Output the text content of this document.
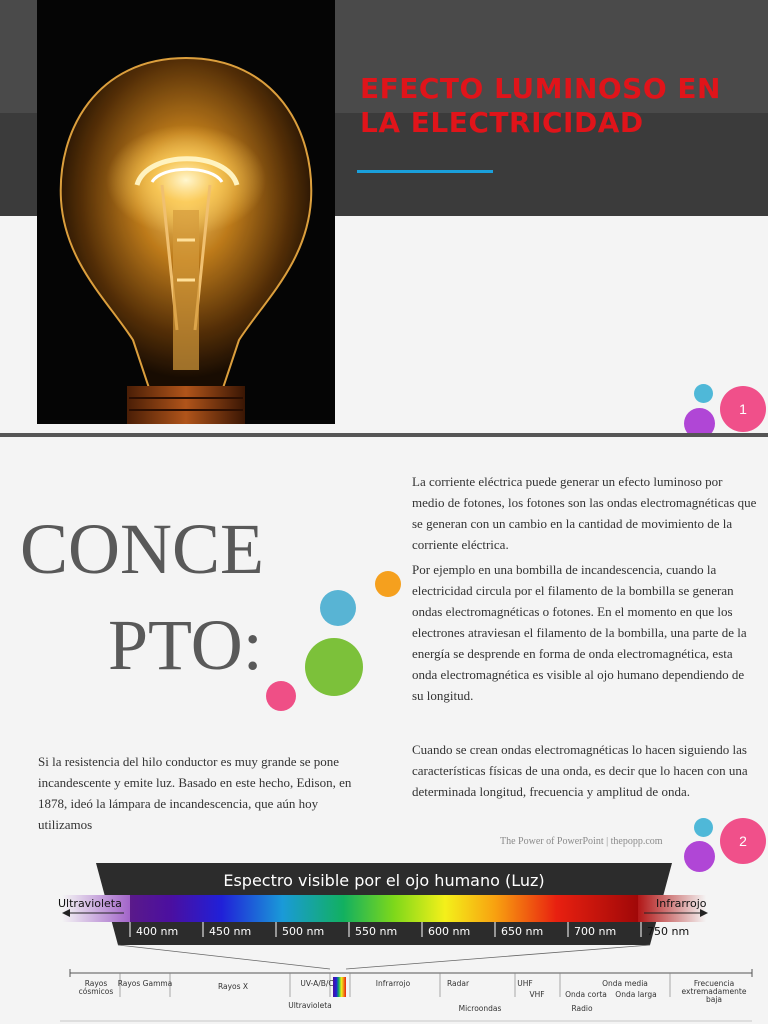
EFECTO LUMINOSO EN LA ELECTRICIDAD
1
CONCE
PTO:
La corriente eléctrica puede generar un efecto luminoso por medio de fotones, los fotones son las ondas electromagnéticas que se generan con un cambio en la cantidad de movimiento de la corriente eléctrica.
Por ejemplo en una bombilla de incandescencia, cuando la electricidad circula por el filamento de la bombilla se generan ondas electromagnéticas o fotones. En el momento en que los electrones atraviesan el filamento de la bombilla, una parte de la energía se desprende en forma de onda electromagnética, esta onda electromagnética es visible al ojo humano dependiendo de su longitud.
Cuando se crean ondas electromagnéticas lo hacen siguiendo las características físicas de una onda, es decir que lo hacen con una determinada longitud, frecuencia y amplitud de onda.
Si la resistencia del hilo conductor es muy grande se pone incandescente y emite luz. Basado en este hecho, Edison, en 1878, ideó la lámpara de incandescencia, que aún hoy utilizamos
The Power of PowerPoint | thepopp.com	2
Espectro visible por el ojo humano (Luz)
Ultravioleta	Infrarrojo
400 nm	450 nm	500 nm	550 nm	600 nm	650 nm	700 nm	750 nm
Rayos cósmicos
Rayos Gamma	Rayos X	UV-A/B/C
Ultravioleta
Infrarrojo	Radar
Microondas
UHF
VHF	Onda corta
Radio
Onda media
Onda larga
Frecuencia extremadamente baja
